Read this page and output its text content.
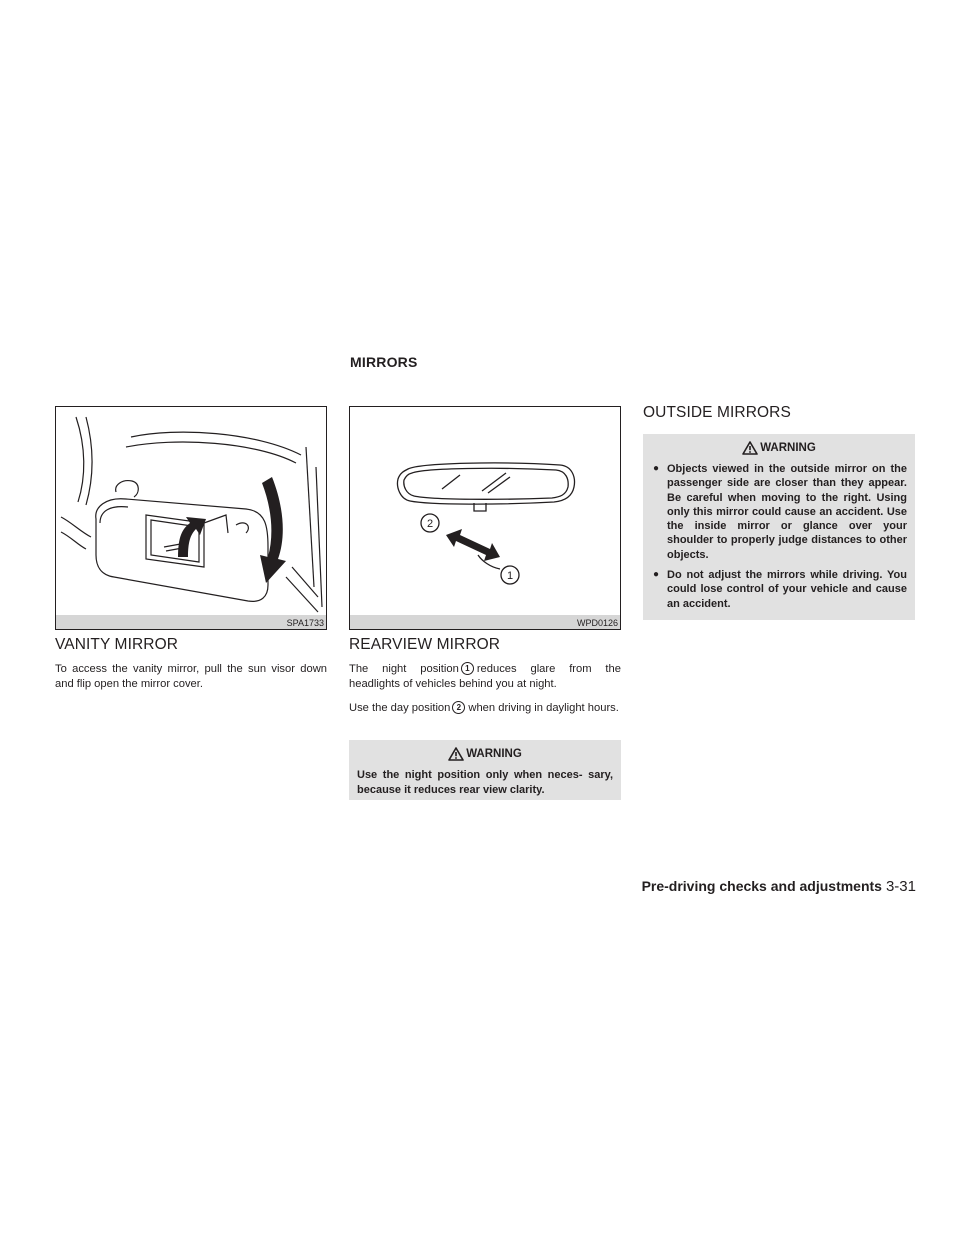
MIRRORS
SPA1733
VANITY MIRROR

To access the vanity mirror, pull the sun visor down and flip open the mirror cover.

2
1
WPD0126
REARVIEW MIRROR

The night position 1 reduces glare from the headlights of vehicles behind you at night.

Use the day position 2 when driving in daylight hours.

WARNING
Use the night position only when neces- sary, because it reduces rear view clarity.
OUTSIDE MIRRORS
WARNING
● Objects viewed in the outside mirror on the passenger side are closer than they appear. Be careful when moving to the right. Using only this mirror could cause an accident. Use the inside mirror or glance over your shoulder to properly judge distances to other objects.
● Do not adjust the mirrors while driving. You could lose control of your vehicle and cause an accident.
Pre-driving checks and adjustments 3-31
